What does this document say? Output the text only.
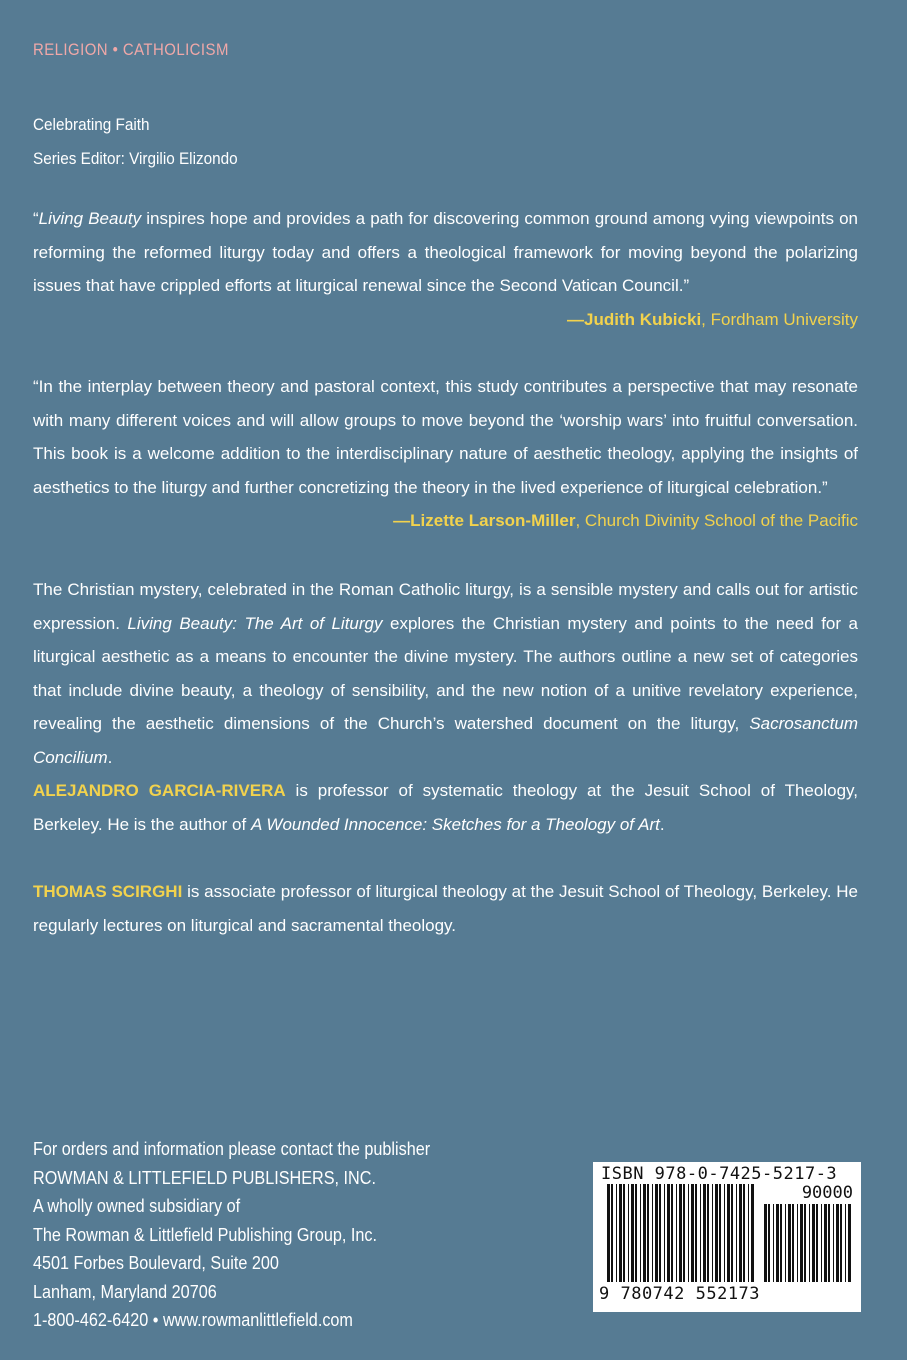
RELIGION • CATHOLICISM
Celebrating Faith
Series Editor: Virgilio Elizondo

“Living Beauty inspires hope and provides a path for discovering common ground among vying viewpoints on reforming the reformed liturgy today and offers a theological framework for moving beyond the polarizing issues that have crippled efforts at liturgical renewal since the Second Vatican Council.”

—Judith Kubicki, Fordham University

“In the interplay between theory and pastoral context, this study contributes a perspective that may resonate with many different voices and will allow groups to move beyond the ‘worship wars’ into fruitful conversation. This book is a welcome addition to the interdisciplinary nature of aesthetic theology, applying the insights of aesthetics to the liturgy and further concretizing the theory in the lived experience of liturgical celebration.”

—Lizette Larson-Miller, Church Divinity School of the Pacific

The Christian mystery, celebrated in the Roman Catholic liturgy, is a sensible mystery and calls out for artistic expression. Living Beauty: The Art of Liturgy explores the Christian mystery and points to the need for a liturgical aesthetic as a means to encounter the divine mystery. The authors outline a new set of categories that include divine beauty, a theology of sensibility, and the new notion of a unitive revelatory experience, revealing the aesthetic dimensions of the Church’s watershed document on the liturgy, Sacrosanctum Concilium.

ALEJANDRO GARCIA-RIVERA is professor of systematic theology at the Jesuit School of Theology, Berkeley. He is the author of A Wounded Innocence: Sketches for a Theology of Art.

THOMAS SCIRGHI is associate professor of liturgical theology at the Jesuit School of Theology, Berkeley. He regularly lectures on liturgical and sacramental theology.

For orders and information please contact the publisher
ROWMAN & LITTLEFIELD PUBLISHERS, INC.
A wholly owned subsidiary of
The Rowman & Littlefield Publishing Group, Inc.
4501 Forbes Boulevard, Suite 200
Lanham, Maryland 20706
1-800-462-6420 • www.rowmanlittlefield.com
ISBN 978-0-7425-5217-3
90000
9 780742 552173
